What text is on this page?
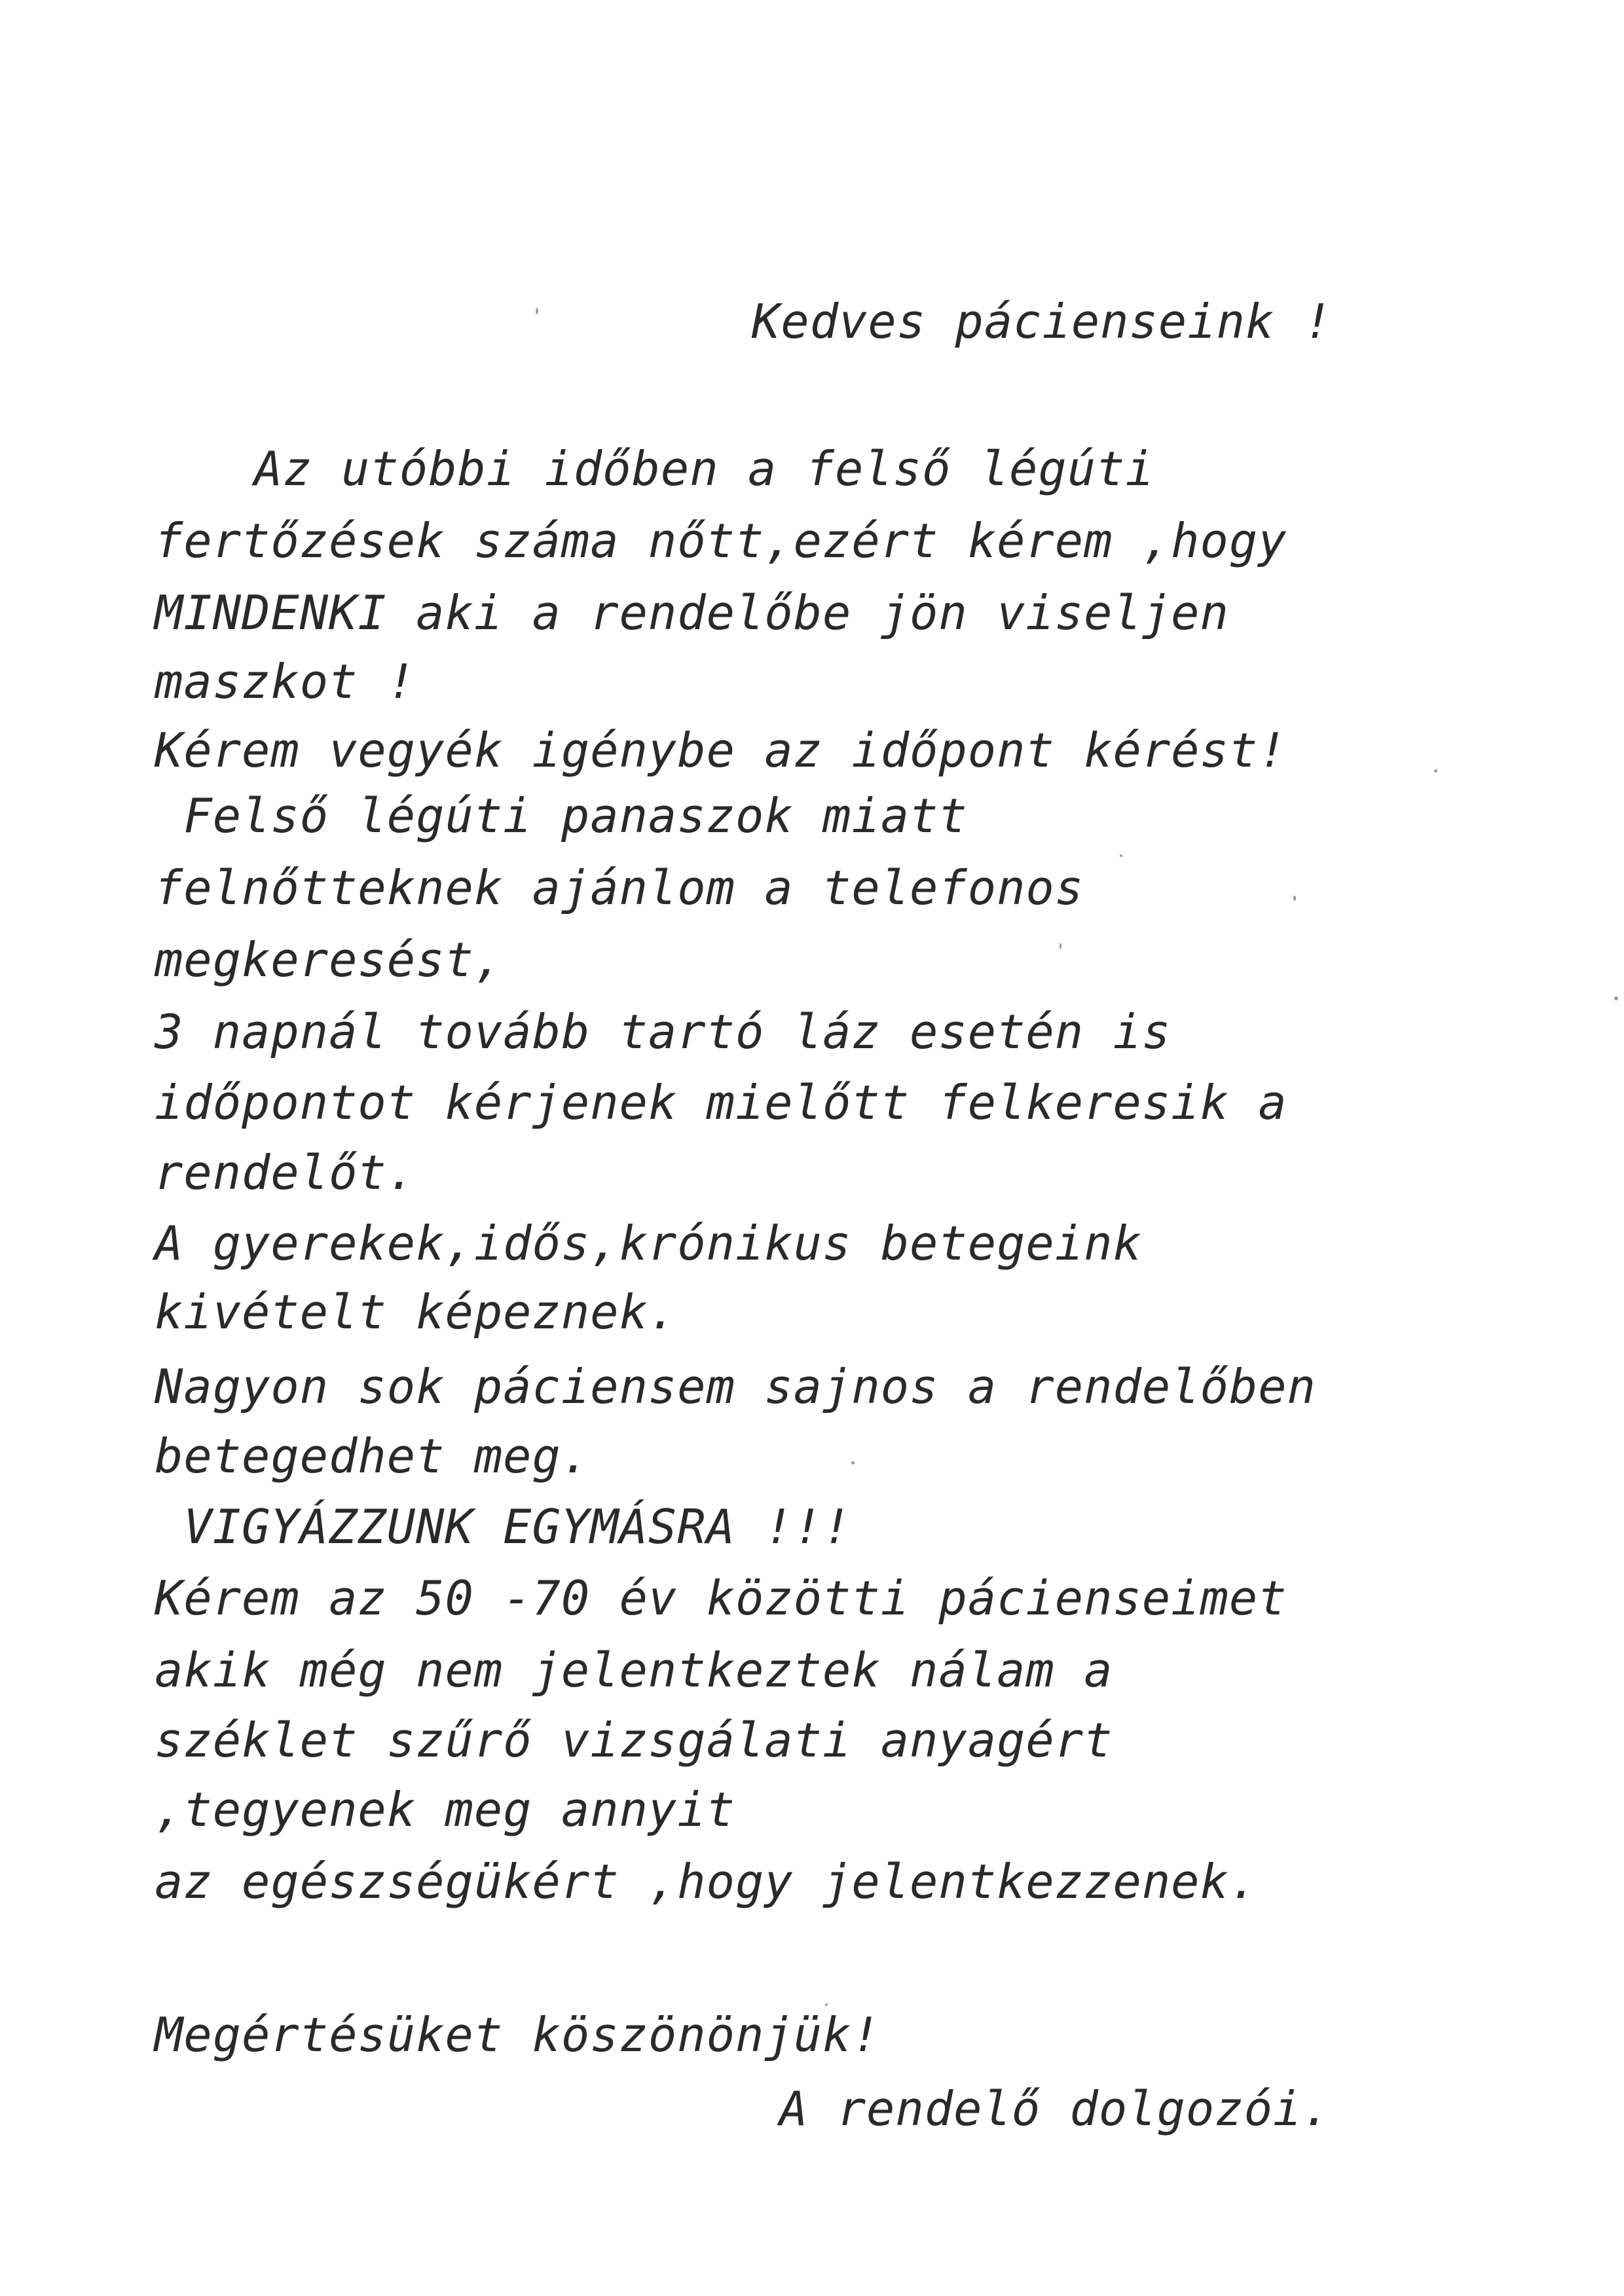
Kedves pácienseink !
Az utóbbi időben a felső légúti
fertőzések száma nőtt,ezért kérem ,hogy
MINDENKI aki a rendelőbe jön viseljen
maszkot !
Kérem vegyék igénybe az időpont kérést!
Felső légúti panaszok miatt
felnőtteknek ajánlom a telefonos
megkeresést,
3 napnál tovább tartó láz esetén is
időpontot kérjenek mielőtt felkeresik a
rendelőt.
A gyerekek,idős,krónikus betegeink
kivételt képeznek.
Nagyon sok páciensem sajnos a rendelőben
betegedhet meg.
VIGYÁZZUNK EGYMÁSRA !!!
Kérem az 50 -70 év közötti pácienseimet
akik még nem jelentkeztek nálam a
széklet szűrő vizsgálati anyagért
,tegyenek meg annyit
az egészségükért ,hogy jelentkezzenek.
Megértésüket köszönönjük!
A rendelő dolgozói.
